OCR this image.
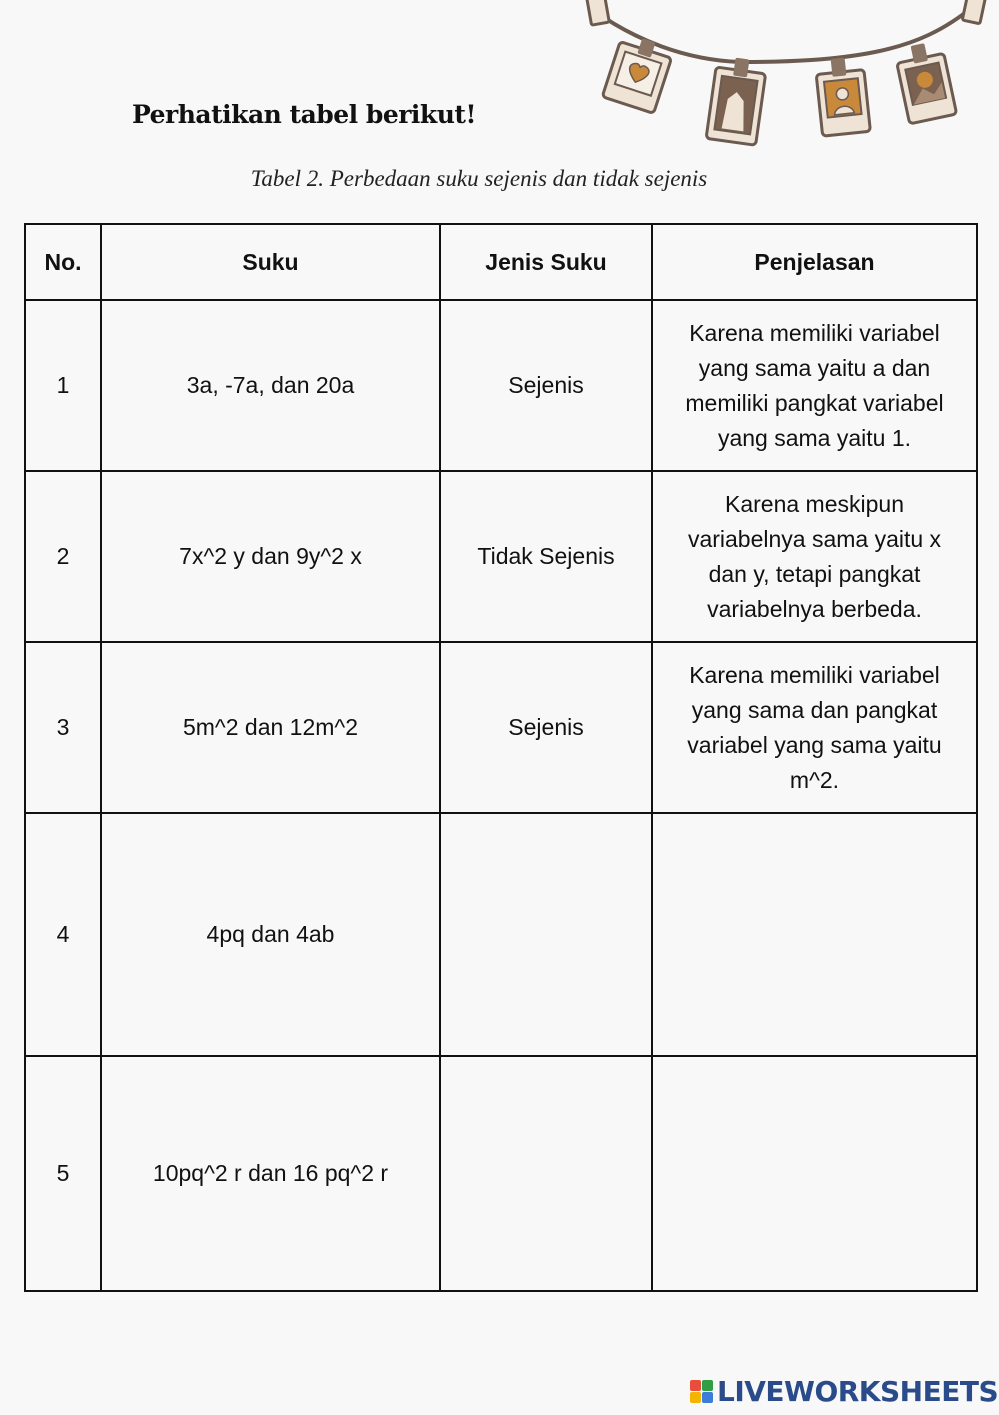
Perhatikan tabel berikut!
Tabel 2. Perbedaan suku sejenis dan tidak sejenis
No.	Suku	Jenis Suku	Penjelasan
1	3a, -7a, dan 20a	Sejenis	Karena memiliki variabel yang sama yaitu a dan memiliki pangkat variabel yang sama yaitu 1.
2	7x^2 y dan 9y^2 x	Tidak Sejenis	Karena meskipun variabelnya sama yaitu x dan y, tetapi pangkat variabelnya berbeda.
3	5m^2 dan 12m^2	Sejenis	Karena memiliki variabel yang sama dan pangkat variabel yang sama yaitu m^2.
4	4pq dan 4ab	

5	10pq^2 r dan 16 pq^2 r	

LIVEWORKSHEETS
